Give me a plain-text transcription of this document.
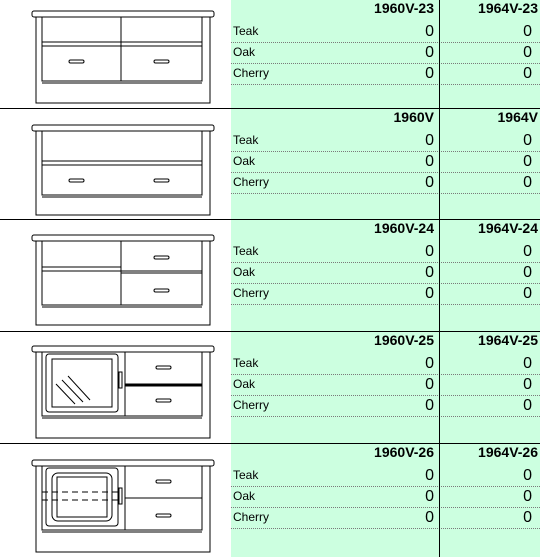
1960V-23	1964V-23
Teak	0	0
Oak	0	0
Cherry	0	0
1960V	1964V
Teak	0	0
Oak	0	0
Cherry	0	0
1960V-24	1964V-24
Teak	0	0
Oak	0	0
Cherry	0	0
1960V-25	1964V-25
Teak	0	0
Oak	0	0
Cherry	0	0
1960V-26	1964V-26
Teak	0	0
Oak	0	0
Cherry	0	0
